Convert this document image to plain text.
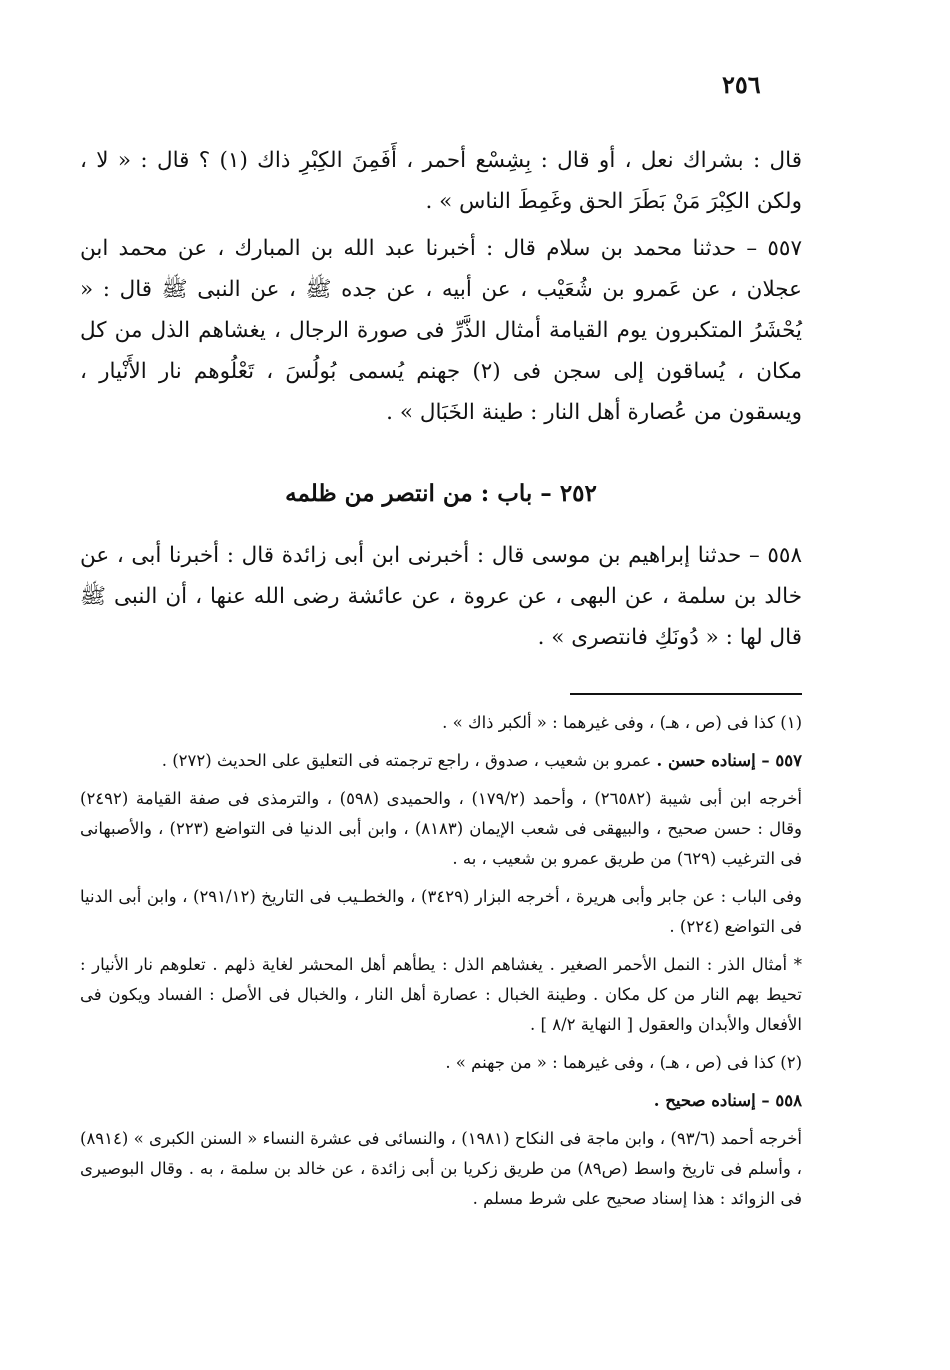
٢٥٦

قال : بشراك نعل ، أو قال : بِشِسْع أحمر ، أَفَمِنَ الكِبْرِ ذاك (١) ؟ قال : « لا ، ولكن الكِبْرَ مَنْ بَطَرَ الحق وغَمِطَ الناس » .

٥٥٧ – حدثنا محمد بن سلام قال : أخبرنا عبد الله بن المبارك ، عن محمد ابن عجلان ، عن عَمرو بن شُعَيْب ، عن أبيه ، عن جده ﷺ ، عن النبى ﷺ قال : « يُحْشَرُ المتكبرون يوم القيامة أمثال الذَّرِّ فى صورة الرجال ، يغشاهم الذل من كل مكان ، يُساقون إلى سجن فى (٢) جهنم يُسمى بُولُسَ ، تَعْلُوهم نار الأَنْيار ، ويسقون من عُصارة أهل النار : طينة الخَبَال » .

٢٥٢ – باب : من انتصر من ظلمه

٥٥٨ – حدثنا إبراهيم بن موسى قال : أخبرنى ابن أبى زائدة قال : أخبرنا أبى ، عن خالد بن سلمة ، عن البهى ، عن عروة ، عن عائشة رضى الله عنها ، أن النبى ﷺ قال لها : « دُونَكِ فانتصرى » .

(١) كذا فى (ص ، هـ) ، وفى غيرهما : « ألكبر ذاك » .

٥٥٧ – إسناده حسن . عمرو بن شعيب ، صدوق ، راجع ترجمته فى التعليق على الحديث (٢٧٢) .

أخرجه ابن أبى شيبة (٢٦٥٨٢) ، وأحمد (١٧٩/٢) ، والحميدى (٥٩٨) ، والترمذى فى صفة القيامة (٢٤٩٢) وقال : حسن صحيح ، والبيهقى فى شعب الإيمان (٨١٨٣) ، وابن أبى الدنيا فى التواضع (٢٢٣) ، والأصبهانى فى الترغيب (٦٢٩) من طريق عمرو بن شعيب ، به .

وفى الباب : عن جابر وأبى هريرة ، أخرجه البزار (٣٤٢٩) ، والخطـيب فى التاريخ (٢٩١/١٢) ، وابن أبى الدنيا فى التواضع (٢٢٤) .

* أمثال الذر : النمل الأحمر الصغير . يغشاهم الذل : يطأهم أهل المحشر لغاية ذلهم . تعلوهم نار الأنيار : تحيط بهم النار من كل مكان . وطينة الخبال : عصارة أهل النار ، والخبال فى الأصل : الفساد ويكون فى الأفعال والأبدان والعقول [ النهاية ٨/٢ ] .

(٢) كذا فى (ص ، هـ) ، وفى غيرهما : « من جهنم » .

٥٥٨ – إسناده صحيح .

أخرجه أحمد (٩٣/٦) ، وابن ماجة فى النكاح (١٩٨١) ، والنسائى فى عشرة النساء « السنن الكبرى » (٨٩١٤) ، وأسلم فى تاريخ واسط (ص٨٩) من طريق زكريا بن أبى زائدة ، عن خالد بن سلمة ، به . وقال البوصيرى فى الزوائد : هذا إسناد صحيح على شرط مسلم .
